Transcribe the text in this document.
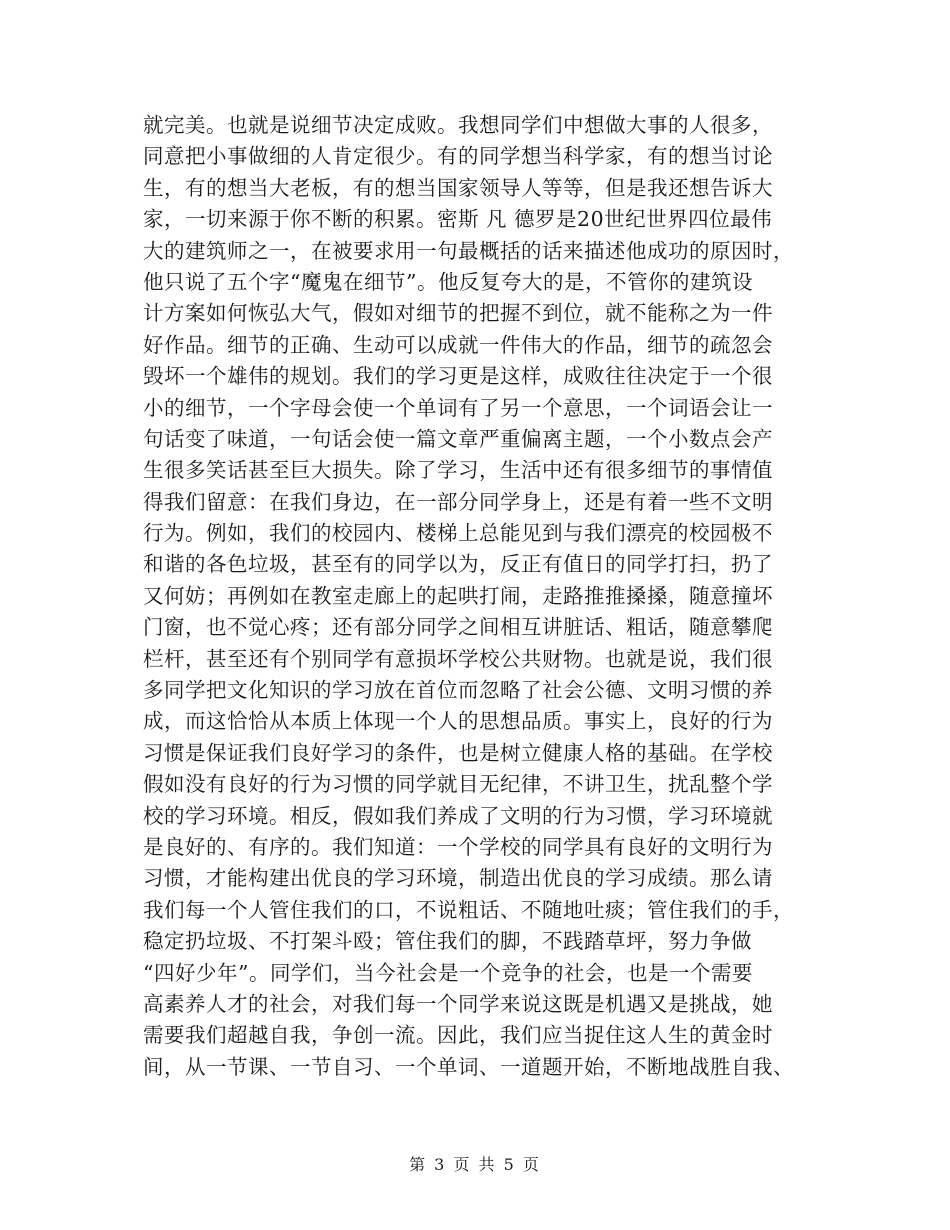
就完美。也就是说细节决定成败。我想同学们中想做大事的人很多，
同意把小事做细的人肯定很少。有的同学想当科学家，有的想当讨论
生，有的想当大老板，有的想当国家领导人等等，但是我还想告诉大
家，一切来源于你不断的积累。密斯 凡 德罗是20世纪世界四位最伟
大的建筑师之一，在被要求用一句最概括的话来描述他成功的原因时，
他只说了五个字“魔鬼在细节”。他反复夸大的是，不管你的建筑设
计方案如何恢弘大气，假如对细节的把握不到位，就不能称之为一件
好作品。细节的正确、生动可以成就一件伟大的作品，细节的疏忽会
毁坏一个雄伟的规划。我们的学习更是这样，成败往往决定于一个很
小的细节，一个字母会使一个单词有了另一个意思，一个词语会让一
句话变了味道，一句话会使一篇文章严重偏离主题，一个小数点会产
生很多笑话甚至巨大损失。除了学习，生活中还有很多细节的事情值
得我们留意：在我们身边，在一部分同学身上，还是有着一些不文明
行为。例如，我们的校园内、楼梯上总能见到与我们漂亮的校园极不
和谐的各色垃圾，甚至有的同学以为，反正有值日的同学打扫，扔了
又何妨；再例如在教室走廊上的起哄打闹，走路推推搡搡，随意撞坏
门窗，也不觉心疼；还有部分同学之间相互讲脏话、粗话，随意攀爬
栏杆，甚至还有个别同学有意损坏学校公共财物。也就是说，我们很
多同学把文化知识的学习放在首位而忽略了社会公德、文明习惯的养
成，而这恰恰从本质上体现一个人的思想品质。事实上，良好的行为
习惯是保证我们良好学习的条件，也是树立健康人格的基础。在学校
假如没有良好的行为习惯的同学就目无纪律，不讲卫生，扰乱整个学
校的学习环境。相反，假如我们养成了文明的行为习惯，学习环境就
是良好的、有序的。我们知道：一个学校的同学具有良好的文明行为
习惯，才能构建出优良的学习环境，制造出优良的学习成绩。那么请
我们每一个人管住我们的口，不说粗话、不随地吐痰；管住我们的手，
稳定扔垃圾、不打架斗殴；管住我们的脚，不践踏草坪，努力争做
“四好少年”。同学们，当今社会是一个竞争的社会，也是一个需要
高素养人才的社会，对我们每一个同学来说这既是机遇又是挑战，她
需要我们超越自我，争创一流。因此，我们应当捉住这人生的黄金时
间，从一节课、一节自习、一个单词、一道题开始，不断地战胜自我、
第 3 页 共 5 页
